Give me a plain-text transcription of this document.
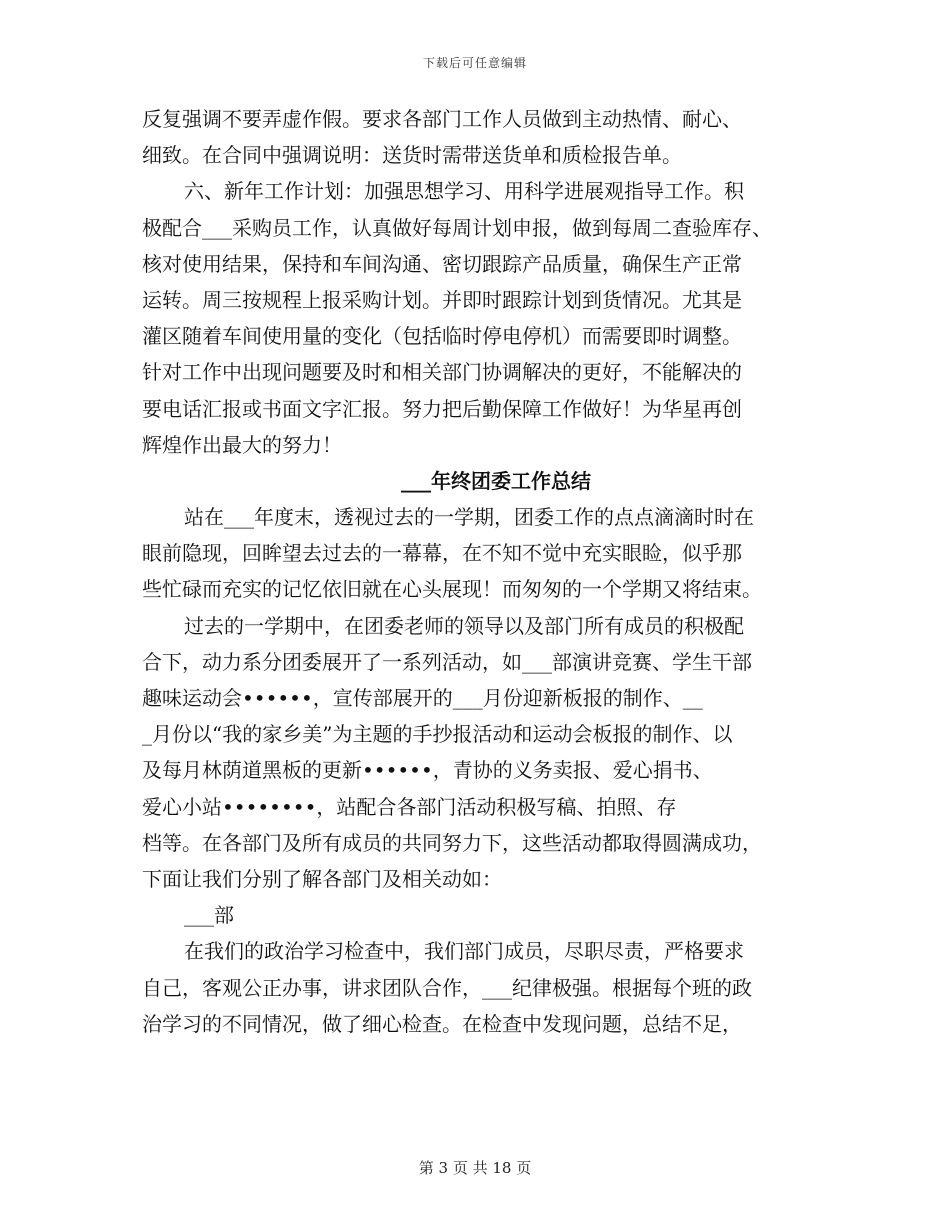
下载后可任意编辑
反复强调不要弄虚作假。要求各部门工作人员做到主动热情、耐心、
细致。在合同中强调说明：送货时需带送货单和质检报告单。
六、新年工作计划：加强思想学习、用科学进展观指导工作。积
极配合___采购员工作，认真做好每周计划申报，做到每周二查验库存、
核对使用结果，保持和车间沟通、密切跟踪产品质量，确保生产正常
运转。周三按规程上报采购计划。并即时跟踪计划到货情况。尤其是
灌区随着车间使用量的变化（包括临时停电停机）而需要即时调整。
针对工作中出现问题要及时和相关部门协调解决的更好，不能解决的
要电话汇报或书面文字汇报。努力把后勤保障工作做好！为华星再创
辉煌作出最大的努力！
___年终团委工作总结
站在___年度末，透视过去的一学期，团委工作的点点滴滴时时在
眼前隐现，回眸望去过去的一幕幕，在不知不觉中充实眼睑，似乎那
些忙碌而充实的记忆依旧就在心头展现！而匆匆的一个学期又将结束。
过去的一学期中，在团委老师的领导以及部门所有成员的积极配
合下，动力系分团委展开了一系列活动，如___部演讲竞赛、学生干部
趣味运动会••••••，宣传部展开的___月份迎新板报的制作、__
_月份以“我的家乡美”为主题的手抄报活动和运动会板报的制作、以
及每月林荫道黑板的更新••••••，青协的义务卖报、爱心捐书、
爱心小站••••••••，站配合各部门活动积极写稿、拍照、存
档等。在各部门及所有成员的共同努力下，这些活动都取得圆满成功，
下面让我们分别了解各部门及相关动如：
___部
在我们的政治学习检查中，我们部门成员，尽职尽责，严格要求
自己，客观公正办事，讲求团队合作，___纪律极强。根据每个班的政
治学习的不同情况，做了细心检查。在检查中发现问题，总结不足，
第 3 页 共 18 页
